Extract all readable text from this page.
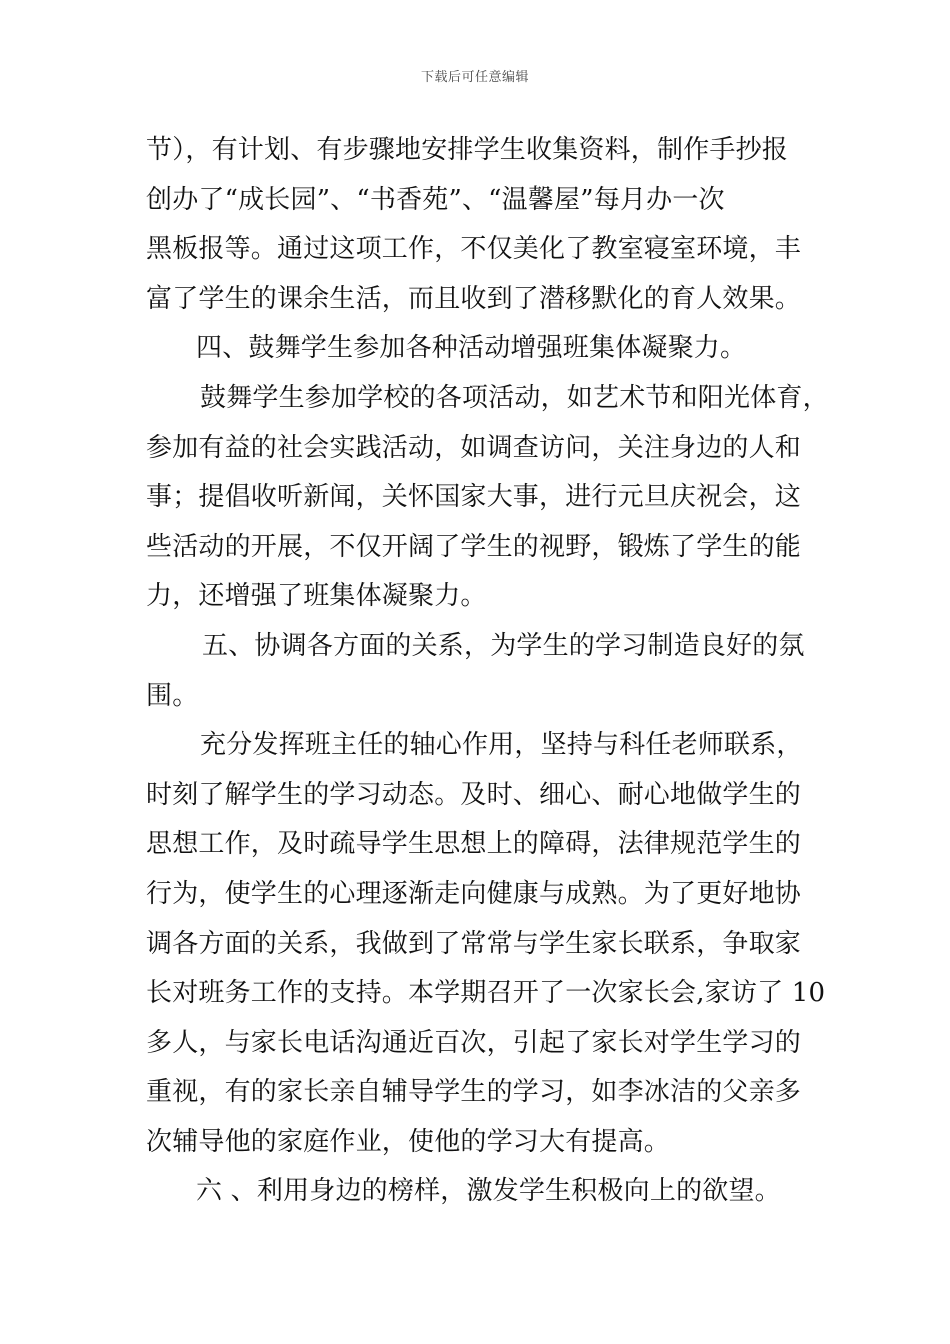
下载后可任意编辑
节），有计划、有步骤地安排学生收集资料，制作手抄报
创办了“成长园”、“书香苑”、“温馨屋”每月办一次
黑板报等。通过这项工作，不仅美化了教室寝室环境，丰
富了学生的课余生活，而且收到了潜移默化的育人效果。
四、鼓舞学生参加各种活动增强班集体凝聚力。
鼓舞学生参加学校的各项活动，如艺术节和阳光体育，
参加有益的社会实践活动，如调查访问，关注身边的人和
事；提倡收听新闻，关怀国家大事，进行元旦庆祝会，这
些活动的开展，不仅开阔了学生的视野，锻炼了学生的能
力，还增强了班集体凝聚力。
五、协调各方面的关系，为学生的学习制造良好的氛
围。
充分发挥班主任的轴心作用，坚持与科任老师联系，
时刻了解学生的学习动态。及时、细心、耐心地做学生的
思想工作，及时疏导学生思想上的障碍，法律规范学生的
行为，使学生的心理逐渐走向健康与成熟。为了更好地协
调各方面的关系，我做到了常常与学生家长联系，争取家
长对班务工作的支持。本学期召开了一次家长会,家访了 10
多人，与家长电话沟通近百次，引起了家长对学生学习的
重视，有的家长亲自辅导学生的学习，如李冰洁的父亲多
次辅导他的家庭作业，使他的学习大有提高。
六 、利用身边的榜样，激发学生积极向上的欲望。
